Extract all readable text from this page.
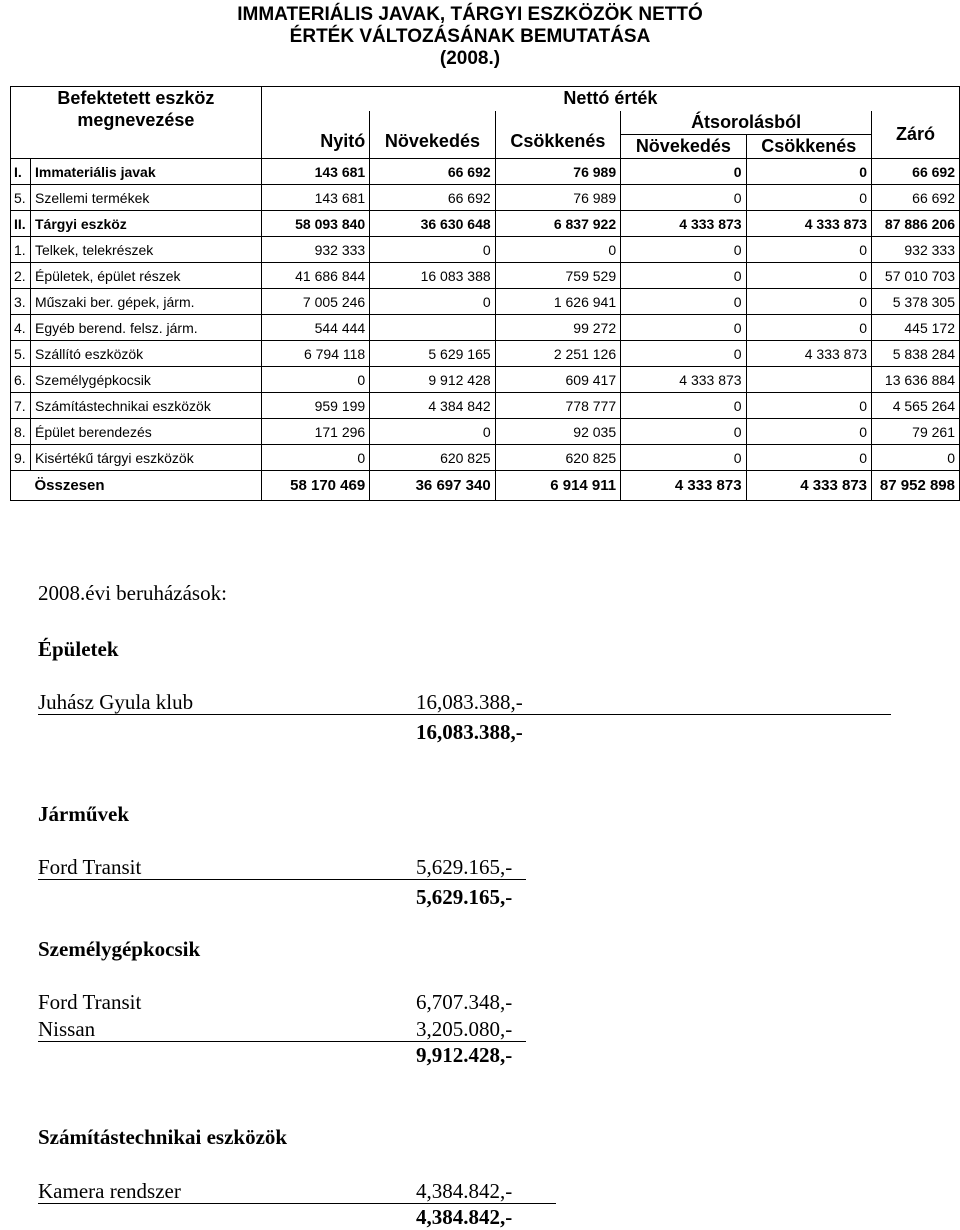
IMMATERIÁLIS JAVAK, TÁRGYI ESZKÖZÖK NETTÓ
ÉRTÉK VÁLTOZÁSÁNAK BEMUTATÁSA
(2008.)
Befektetett eszköz
megnevezése		Nettó érték					
		Nyitó	Növekedés	Csökkenés	Átsorolásból		Záró
					Növekedés	Csökkenés	
I.	Immateriális javak	143 681	66 692	76 989	0	0	66 692
5.	Szellemi termékek	143 681	66 692	76 989	0	0	66 692
II.	Tárgyi eszköz	58 093 840	36 630 648	6 837 922	4 333 873	4 333 873	87 886 206
1.	Telkek, telekrészek	932 333	0	0	0	0	932 333
2.	Épületek, épület részek	41 686 844	16 083 388	759 529	0	0	57 010 703
3.	Műszaki ber. gépek, járm.	7 005 246	0	1 626 941	0	0	5 378 305
4.	Egyéb berend. felsz. járm.	544 444		99 272	0	0	445 172
5.	Szállító eszközök	6 794 118	5 629 165	2 251 126	0	4 333 873	5 838 284
6.	Személygépkocsik	0	9 912 428	609 417	4 333 873		13 636 884
7.	Számítástechnikai eszközök	959 199	4 384 842	778 777	0	0	4 565 264
8.	Épület berendezés	171 296	0	92 035	0	0	79 261
9.	Kisértékű tárgyi eszközök	0	620 825	620 825	0	0	0
	Összesen	58 170 469	36 697 340	6 914 911	4 333 873	4 333 873	87 952 898
2008.évi beruházások:
Épületek
Juhász Gyula klub	16,083.388,-
16,083.388,-
Járművek
Ford Transit	5,629.165,-
5,629.165,-
Személygépkocsik
Ford Transit	6,707.348,-
Nissan	3,205.080,-
9,912.428,-
Számítástechnikai eszközök
Kamera rendszer	4,384.842,-
4,384.842,-
